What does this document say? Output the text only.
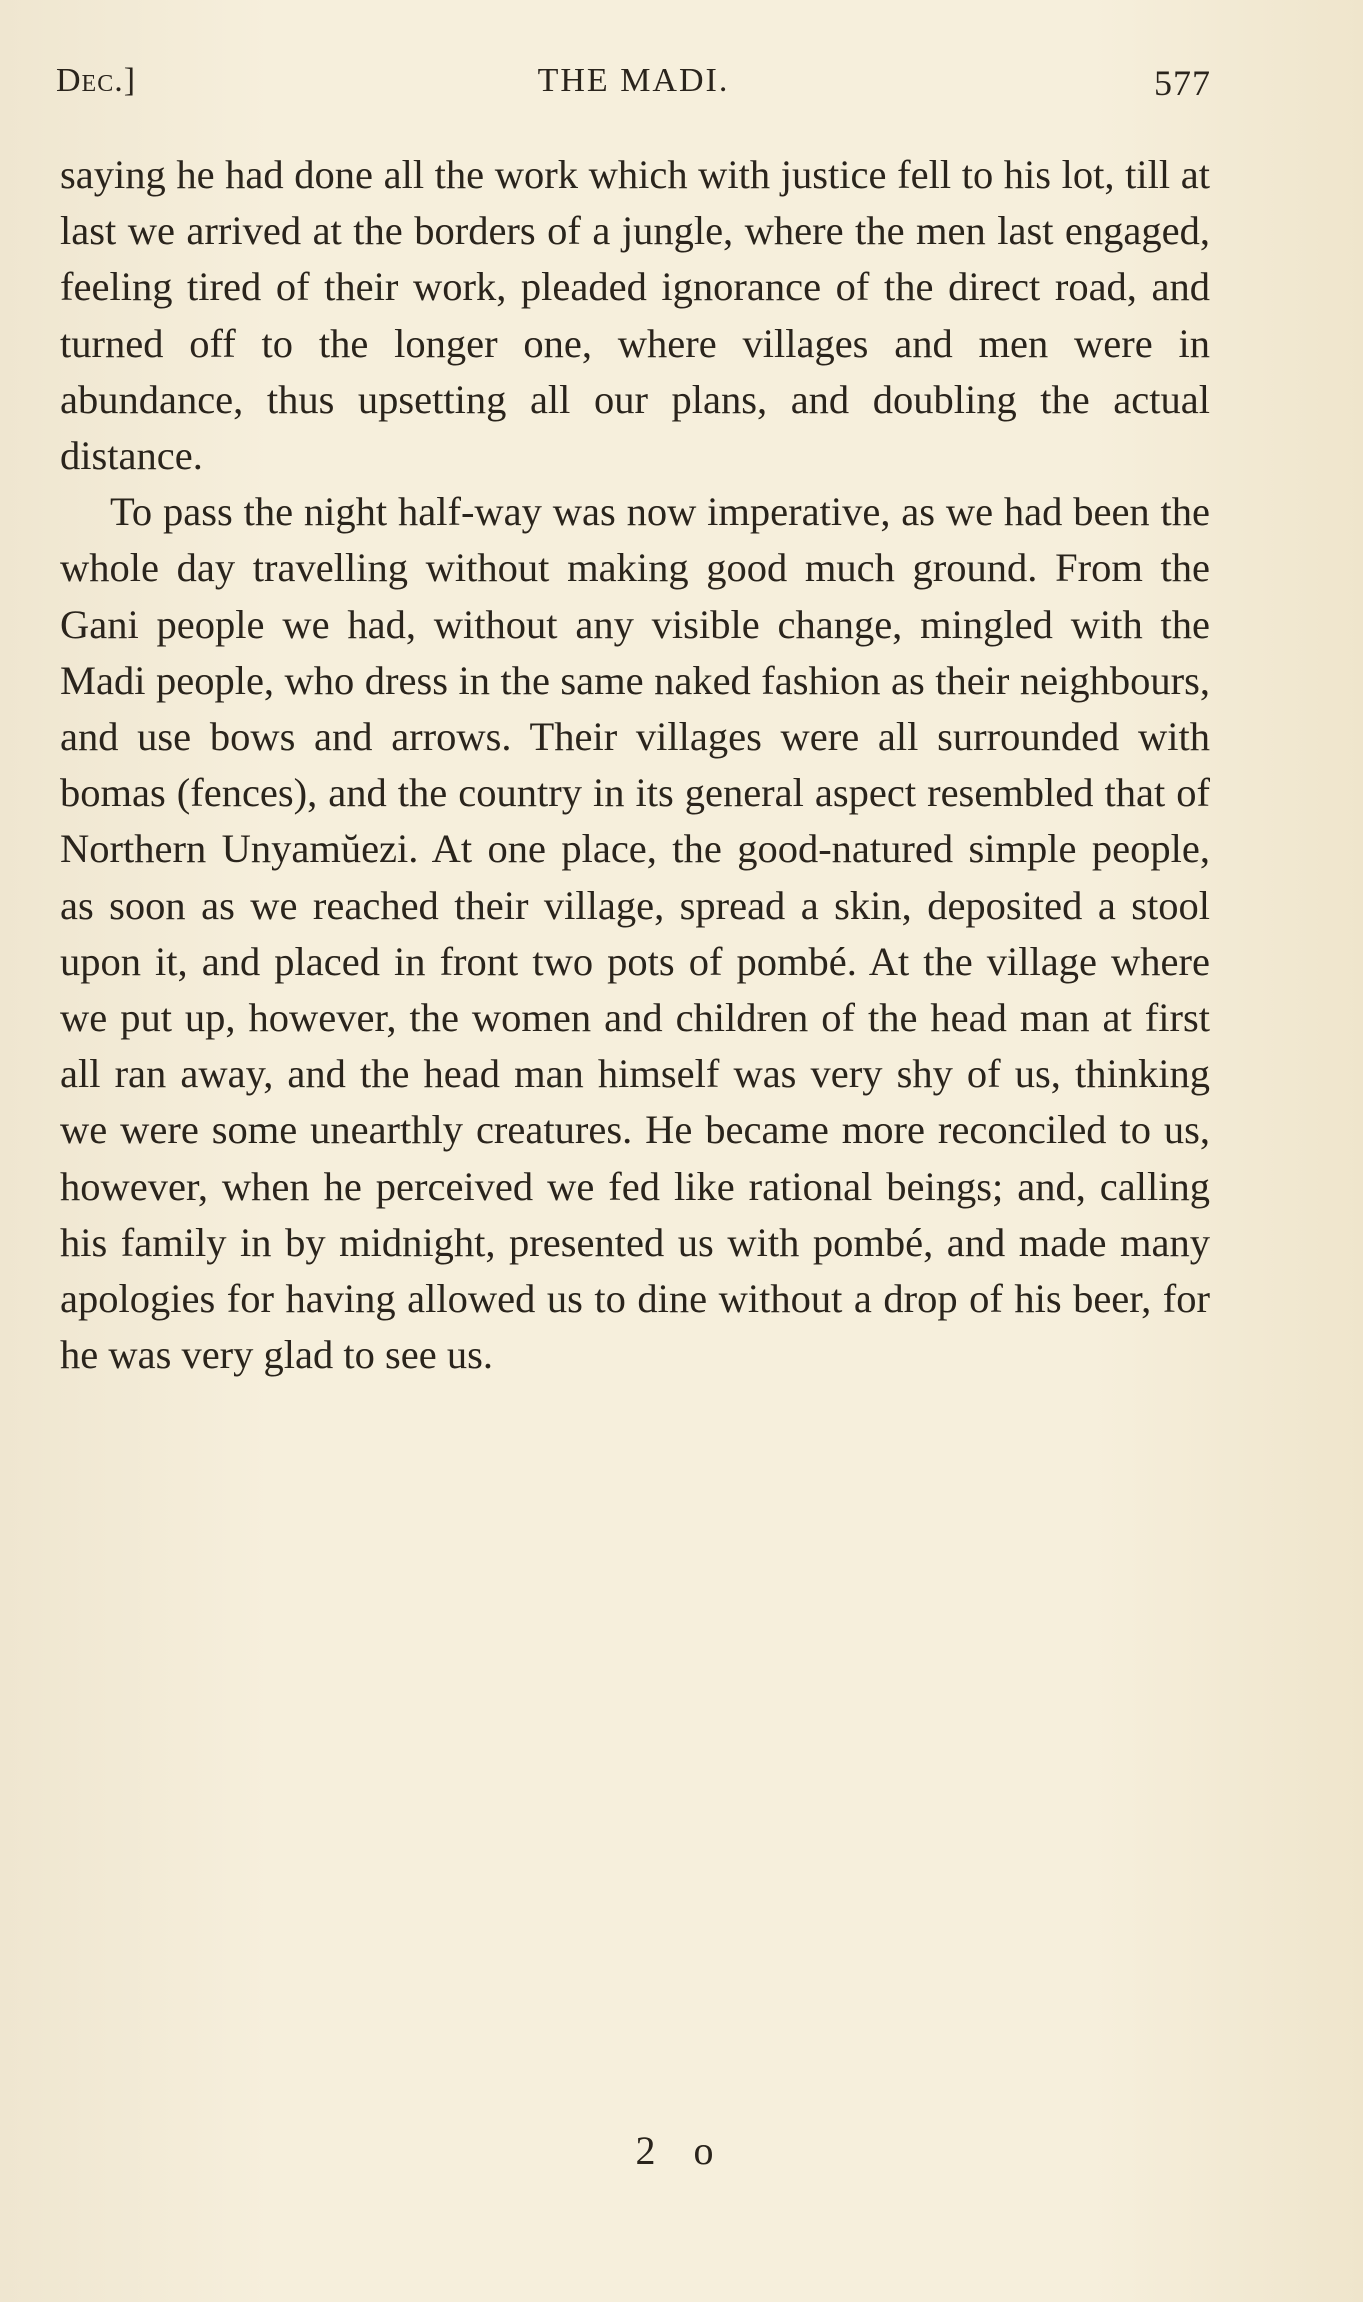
Dec.]	THE MADI.	577

saying he had done all the work which with justice fell to his lot, till at last we arrived at the borders of a jungle, where the men last engaged, feeling tired of their work, pleaded ignorance of the direct road, and turned off to the longer one, where villages and men were in abundance, thus upsetting all our plans, and doubling the actual distance.

To pass the night half-way was now imperative, as we had been the whole day travelling without making good much ground. From the Gani people we had, without any visible change, mingled with the Madi people, who dress in the same naked fashion as their neighbours, and use bows and arrows. Their villages were all surrounded with bomas (fences), and the country in its general aspect resembled that of Northern Unyamŭezi. At one place, the good-natured simple people, as soon as we reached their village, spread a skin, deposited a stool upon it, and placed in front two pots of pombé. At the village where we put up, however, the women and children of the head man at first all ran away, and the head man himself was very shy of us, thinking we were some unearthly creatures. He became more reconciled to us, however, when he perceived we fed like rational beings; and, calling his family in by midnight, presented us with pombé, and made many apologies for having allowed us to dine without a drop of his beer, for he was very glad to see us.

2 o
